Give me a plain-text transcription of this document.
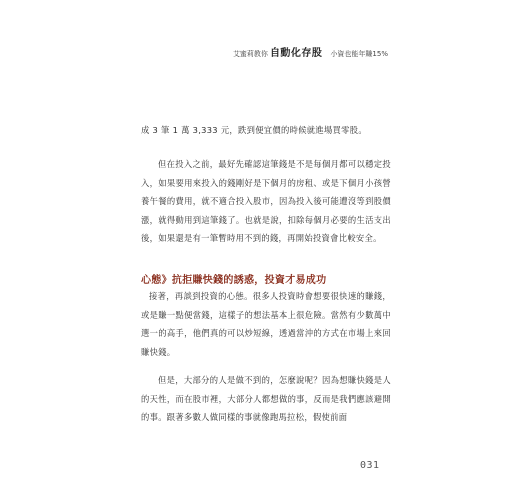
艾蜜莉教你 自動化存股 小資也能年賺15%

成 3 筆 1 萬 3,333 元，跌到便宜價的時候就進場買零股。

但在投入之前，最好先確認這筆錢是不是每個月都可以穩定投入，如果要用來投入的錢剛好是下個月的房租、或是下個月小孩營養午餐的費用，就不適合投入股市，因為投入後可能遭沒等到股價漲，就得動用到這筆錢了。也就是說，扣除每個月必要的生活支出後，如果還是有一筆暫時用不到的錢，再開始投資會比較安全。

心態》抗拒賺快錢的誘惑，投資才易成功

接著，再談到投資的心態。很多人投資時會想要很快速的賺錢，或是賺一點便當錢，這樣子的想法基本上很危險。當然有少數萬中選一的高手，他們真的可以炒短線，透過當沖的方式在市場上來回賺快錢。

但是，大部分的人是做不到的，怎麼說呢？因為想賺快錢是人的天性，而在股市裡，大部分人都想做的事，反而是我們應該避開的事。跟著多數人做同樣的事就像跑馬拉松，假使前面

031
